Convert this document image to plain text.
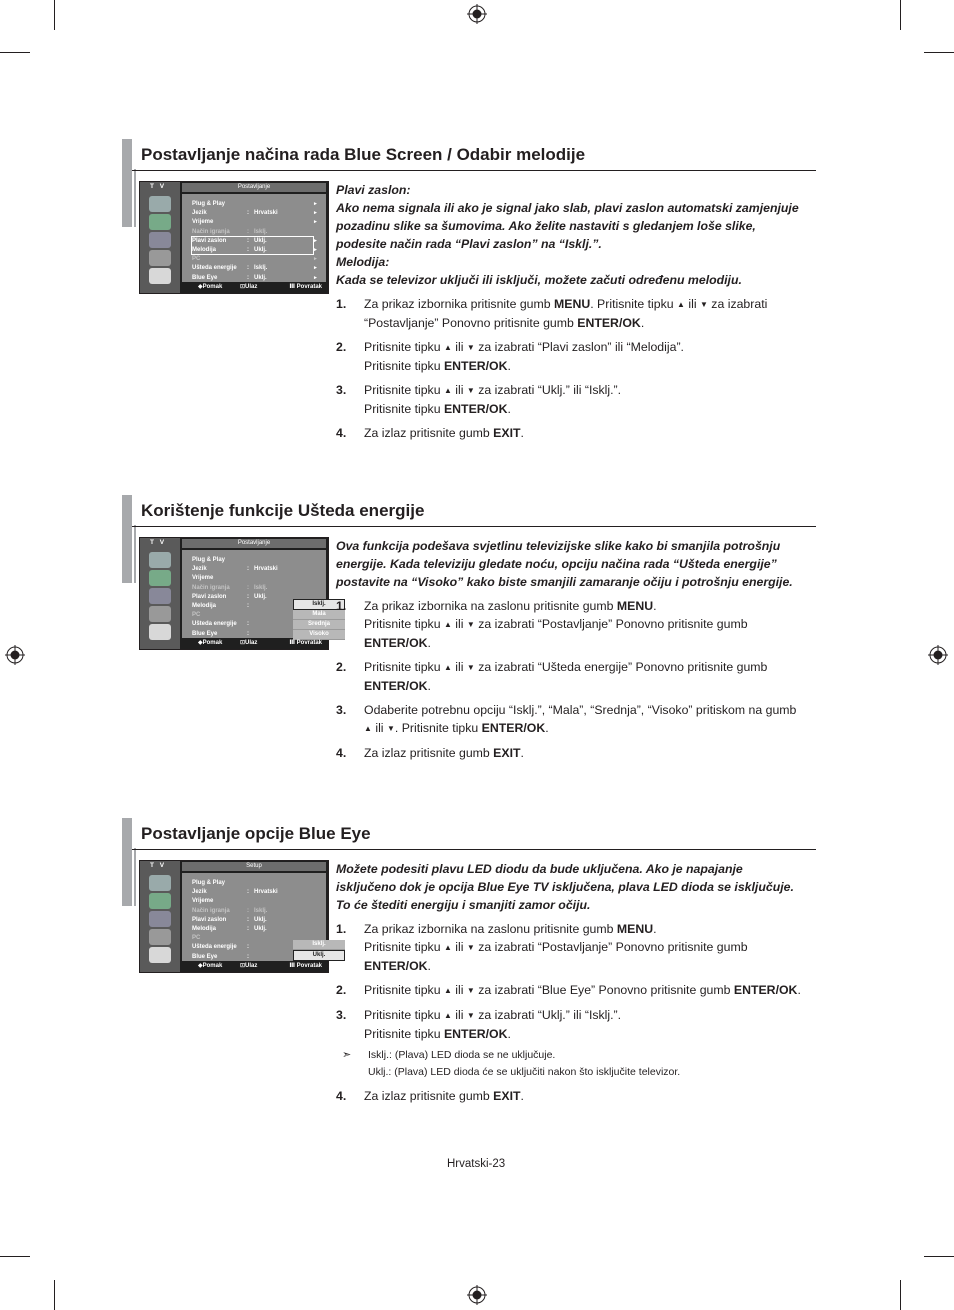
Postavljanje načina rada Blue Screen / Odabir melodije
T V	Postavljanje
Plug & Play	►
Jezik	: Hrvatski	►
Vrijeme	►
Način igranja	: Isklj.
Plavi zaslon	: Uklj.	►
Melodija	: Uklj.	►
PC	►
Ušteda energije : Isklj.	►
Blue Eye	: Uklj.	►
◆Pomak	⊡Ulaz	Ⅲ Povratak

Plavi zaslon:

Ako nema signala ili ako je signal jako slab, plavi zaslon automatski zamjenjuje pozadinu slike sa šumovima. Ako želite nastaviti s gledanjem loše slike, podesite način rada “Plavi zaslon” na “Isklj.”.

Melodija:

Kada se televizor uključi ili isključi, možete začuti određenu melodiju.

1. Za prikaz izbornika pritisnite gumb MENU. Pritisnite tipku ▲ ili ▼ za izabrati “Postavljanje” Ponovno pritisnite gumb ENTER/OK.

2. Pritisnite tipku ▲ ili ▼ za izabrati “Plavi zaslon” ili “Melodija”.

Pritisnite tipku ENTER/OK.

3. Pritisnite tipku ▲ ili ▼ za izabrati “Uklj.” ili “Isklj.”.

Pritisnite tipku ENTER/OK.

4. Za izlaz pritisnite gumb EXIT.

Korištenje funkcije Ušteda energije
T V	Postavljanje
Plug & Play
Jezik	: Hrvatski
Vrijeme
Način igranja	: Isklj.
Plavi zaslon	: Uklj.
Melodija	:
PC
Ušteda energije :
Blue Eye	:
Isklj.
Mala
Srednja
Visoko
◆Pomak	⊡Ulaz	Ⅲ Povratak

Ova funkcija podešava svjetlinu televizijske slike kako bi smanjila potrošnju energije. Kada televiziju gledate noću, opciju načina rada “Ušteda energije” postavite na “Visoko” kako biste smanjili zamaranje očiju i potrošnju energije.

1. Za prikaz izbornika na zaslonu pritisnite gumb MENU.

Pritisnite tipku ▲ ili ▼ za izabrati “Postavljanje” Ponovno pritisnite gumb ENTER/OK.

2. Pritisnite tipku ▲ ili ▼ za izabrati “Ušteda energije” Ponovno pritisnite gumb ENTER/OK.

3. Odaberite potrebnu opciju “Isklj.”, “Mala”, “Srednja”, “Visoko” pritiskom na gumb ▲ ili ▼. Pritisnite tipku ENTER/OK.

4. Za izlaz pritisnite gumb EXIT.

Postavljanje opcije Blue Eye
T V	Setup
Plug & Play
Jezik	: Hrvatski
Vrijeme
Način igranja	: Isklj.
Plavi zaslon	: Uklj.
Melodija	: Uklj.
PC
Ušteda energije :
Blue Eye	:
Isklj.
Uklj.
◆Pomak	⊡Ulaz	Ⅲ Povratak

Možete podesiti plavu LED diodu da bude uključena. Ako je napajanje isključeno dok je opcija Blue Eye TV isključena, plava LED dioda se isključuje. To će štediti energiju i smanjiti zamor očiju.

1. Za prikaz izbornika na zaslonu pritisnite gumb MENU.

Pritisnite tipku ▲ ili ▼ za izabrati “Postavljanje” Ponovno pritisnite gumb ENTER/OK.

2. Pritisnite tipku ▲ ili ▼ za izabrati “Blue Eye” Ponovno pritisnite gumb ENTER/OK.

3. Pritisnite tipku ▲ ili ▼ za izabrati “Uklj.” ili “Isklj.”.

Pritisnite tipku ENTER/OK.

➣ Isklj.: (Plava) LED dioda se ne uključuje.

Uklj.: (Plava) LED dioda će se uključiti nakon što isključite televizor.

4. Za izlaz pritisnite gumb EXIT.

Hrvatski-23
